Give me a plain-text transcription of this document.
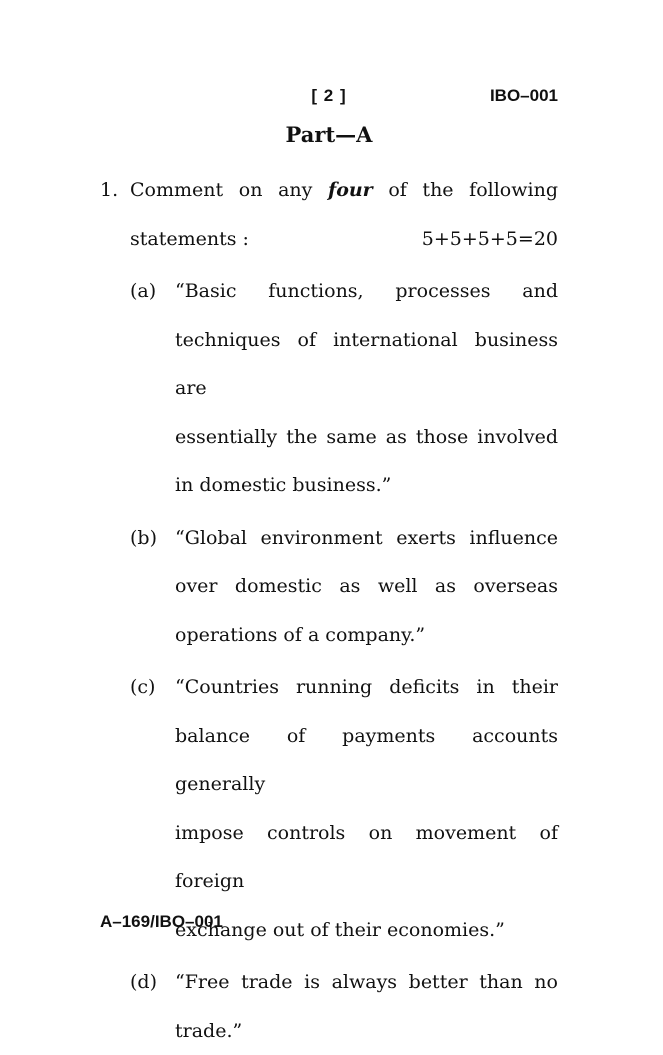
[ 2 ]	IBO–001
Part—A
1. Comment on any four of the following
statements :	5+5+5+5=20
(a) “Basic functions, processes and
techniques of international business are
essentially the same as those involved
in domestic business.”
(b) “Global environment exerts influence
over domestic as well as overseas
operations of a company.”
(c)	“Countries running deficits in their
balance of payments accounts generally
impose controls on movement of foreign
exchange out of their economies.”
(d) “Free trade is always better than no
trade.”
A–169/IBO–001
